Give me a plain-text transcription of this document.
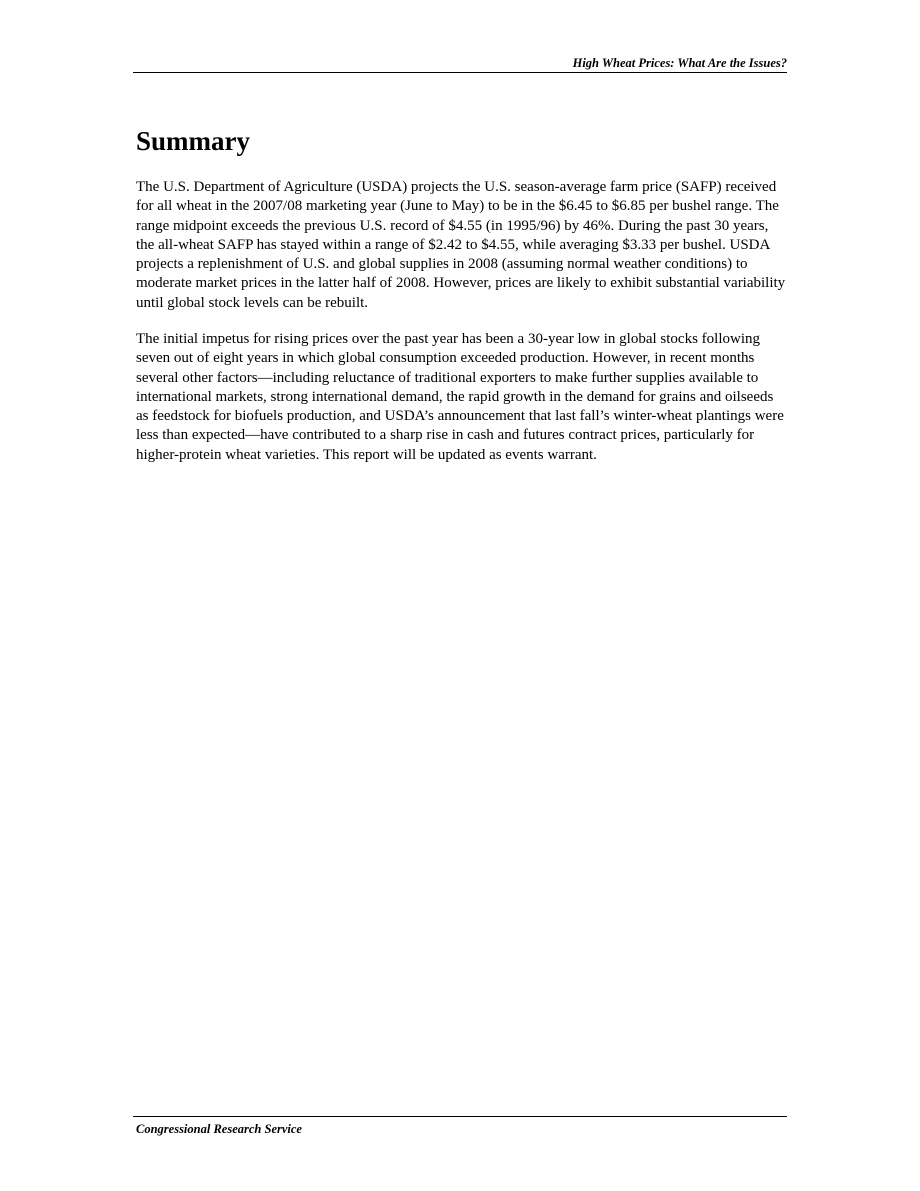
High Wheat Prices: What Are the Issues?
Summary

The U.S. Department of Agriculture (USDA) projects the U.S. season-average farm price (SAFP) received for all wheat in the 2007/08 marketing year (June to May) to be in the $6.45 to $6.85 per bushel range. The range midpoint exceeds the previous U.S. record of $4.55 (in 1995/96) by 46%. During the past 30 years, the all-wheat SAFP has stayed within a range of $2.42 to $4.55, while averaging $3.33 per bushel. USDA projects a replenishment of U.S. and global supplies in 2008 (assuming normal weather conditions) to moderate market prices in the latter half of 2008. However, prices are likely to exhibit substantial variability until global stock levels can be rebuilt.

The initial impetus for rising prices over the past year has been a 30-year low in global stocks following seven out of eight years in which global consumption exceeded production. However, in recent months several other factors—including reluctance of traditional exporters to make further supplies available to international markets, strong international demand, the rapid growth in the demand for grains and oilseeds as feedstock for biofuels production, and USDA’s announcement that last fall’s winter-wheat plantings were less than expected—have contributed to a sharp rise in cash and futures contract prices, particularly for higher-protein wheat varieties. This report will be updated as events warrant.

Congressional Research Service
